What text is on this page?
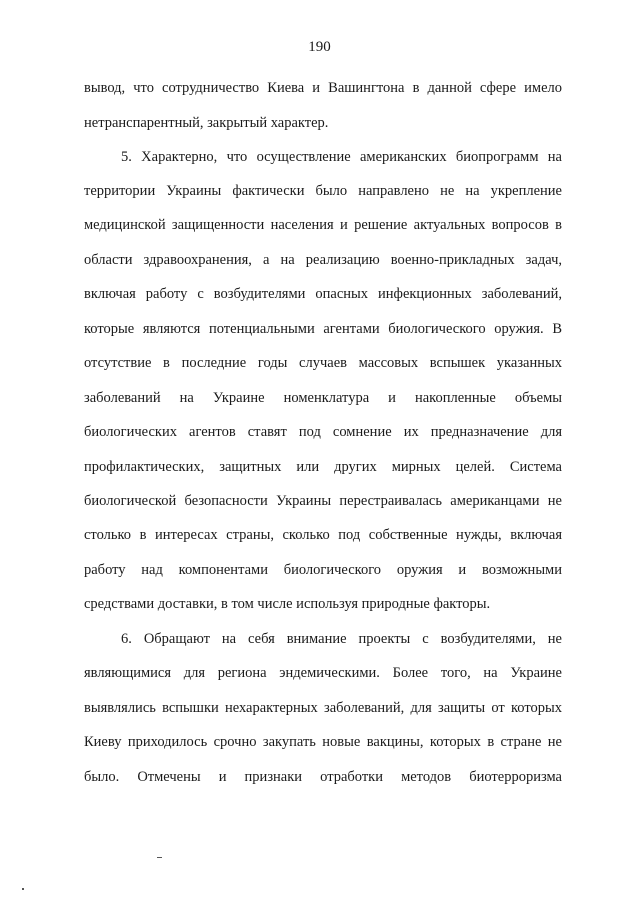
190
вывод, что сотрудничество Киева и Вашингтона в данной сфере имело
нетранспарентный, закрытый характер.
5. Характерно, что осуществление американских биопрограмм на
территории Украины фактически было направлено не на укрепление
медицинской защищенности населения и решение актуальных вопросов в
области здравоохранения, а на реализацию военно-прикладных задач,
включая работу с возбудителями опасных инфекционных заболеваний,
которые являются потенциальными агентами биологического оружия. В
отсутствие в последние годы случаев массовых вспышек указанных
заболеваний на Украине номенклатура и накопленные объемы
биологических агентов ставят под сомнение их предназначение для
профилактических, защитных или других мирных целей. Система
биологической безопасности Украины перестраивалась американцами не
столько в интересах страны, сколько под собственные нужды, включая
работу над компонентами биологического оружия и возможными
средствами доставки, в том числе используя природные факторы.
6. Обращают на себя внимание проекты с возбудителями, не
являющимися для региона эндемическими. Более того, на Украине
выявлялись вспышки нехарактерных заболеваний, для защиты от которых
Киеву приходилось срочно закупать новые вакцины, которых в стране не
было. Отмечены и признаки отработки методов биотерроризма
